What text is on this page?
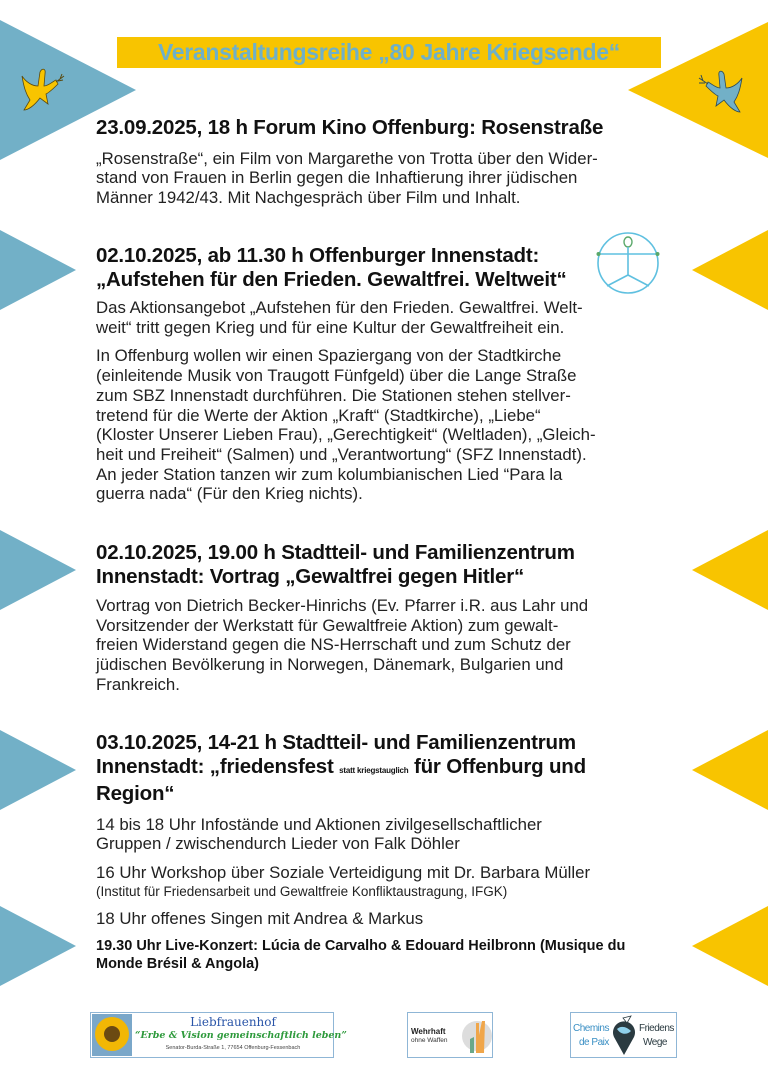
Veranstaltungsreihe „80 Jahre Kriegsende“
23.09.2025, 18 h Forum Kino Offenburg: Rosenstraße
„Rosenstraße“, ein Film von Margarethe von Trotta über den Wider-
stand von Frauen in Berlin gegen die Inhaftierung ihrer jüdischen
Männer 1942/43. Mit Nachgespräch über Film und Inhalt.
02.10.2025, ab 11.30 h Offenburger Innenstadt:
„Aufstehen für den Frieden. Gewaltfrei. Weltweit“
Das Aktionsangebot „Aufstehen für den Frieden. Gewaltfrei. Welt-
weit“ tritt gegen Krieg und für eine Kultur der Gewaltfreiheit ein.
In Offenburg wollen wir einen Spaziergang von der Stadtkirche
(einleitende Musik von Traugott Fünfgeld) über die Lange Straße
zum SBZ Innenstadt durchführen. Die Stationen stehen stellver-
tretend für die Werte der Aktion „Kraft“ (Stadtkirche), „Liebe“
(Kloster Unserer Lieben Frau), „Gerechtigkeit“ (Weltladen), „Gleich-
heit und Freiheit“ (Salmen) und „Verantwortung“ (SFZ Innenstadt).
An jeder Station tanzen wir zum kolumbianischen Lied “Para la
guerra nada“ (Für den Krieg nichts).
02.10.2025, 19.00 h Stadtteil- und Familienzentrum
Innenstadt: Vortrag „Gewaltfrei gegen Hitler“
Vortrag von Dietrich Becker-Hinrichs (Ev. Pfarrer i.R. aus Lahr und
Vorsitzender der Werkstatt für Gewaltfreie Aktion) zum gewalt-
freien Widerstand gegen die NS-Herrschaft und zum Schutz der
jüdischen Bevölkerung in Norwegen, Dänemark, Bulgarien und
Frankreich.
03.10.2025, 14-21 h Stadtteil- und Familienzentrum
Innenstadt: „friedensfest statt kriegstauglich für Offenburg und
Region“
14 bis 18 Uhr Infostände und Aktionen zivilgesellschaftlicher
Gruppen / zwischendurch Lieder von Falk Döhler
16 Uhr Workshop über Soziale Verteidigung mit Dr. Barbara Müller
(Institut für Friedensarbeit und Gewaltfreie Konfliktaustragung, IFGK)
18 Uhr offenes Singen mit Andrea & Markus
19.30 Uhr Live-Konzert: Lúcia de Carvalho & Edouard Heilbronn (Musique du
Monde Brésil & Angola)
Liebfrauenhof
“Erbe & Vision gemeinschaftlich leben”
Senator-Burda-Straße 1, 77654 Offenburg-Fessenbach
Wehrhaft
ohne Waffen
Chemins
de Paix
Friedens
Wege
